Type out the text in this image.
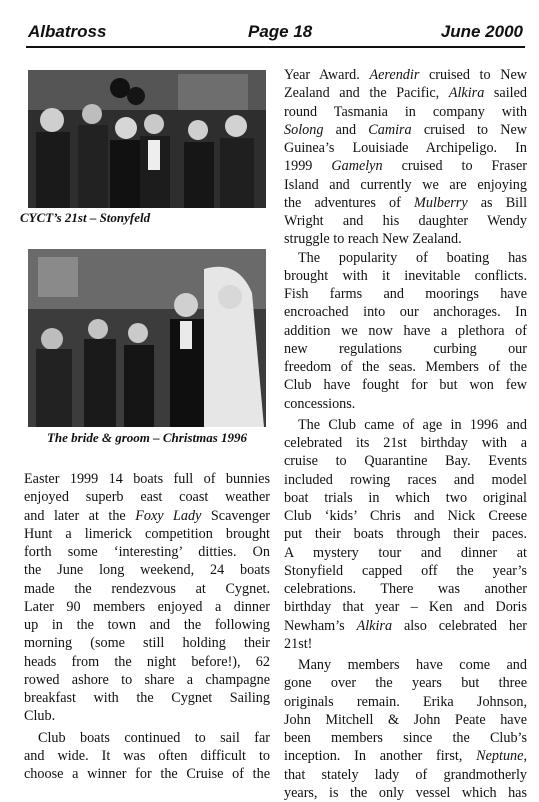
Albatross	Page 18	June 2000
CYCT’s 21st – Stonyfeld
The bride & groom – Christmas 1996
Easter 1999 14 boats full of bunnies
enjoyed superb east coast weather
and later at the Foxy Lady Scavenger
Hunt a limerick competition brought
forth some ‘interesting’ ditties. On
the June long weekend, 24 boats
made the rendezvous at Cygnet.
Later 90 members enjoyed a dinner
up in the town and the following
morning (some still holding their
heads from the night before!), 62
rowed ashore to share a champagne
breakfast with the Cygnet Sailing
Club.
Club boats continued to sail far
and wide. It was often difficult to
choose a winner for the Cruise of the
Year Award. Aerendir cruised to New
Zealand and the Pacific, Alkira sailed
round Tasmania in company with
Solong and Camira cruised to New
Guinea’s Louisiade Archipeligo. In
1999 Gamelyn cruised to Fraser
Island and currently we are enjoying
the adventures of Mulberry as Bill
Wright and his daughter Wendy
struggle to reach New Zealand.
The popularity of boating has
brought with it inevitable conflicts.
Fish farms and moorings have
encroached into our anchorages. In
addition we now have a plethora of
new regulations curbing our
freedom of the seas. Members of the
Club have fought for but won few
concessions.
The Club came of age in 1996 and
celebrated its 21st birthday with a
cruise to Quarantine Bay. Events
included rowing races and model
boat trials in which two original
Club ‘kids’ Chris and Nick Creese
put their boats through their paces.
A mystery tour and dinner at
Stonyfield capped off the year’s
celebrations. There was another
birthday that year – Ken and Doris
Newham’s Alkira also celebrated her
21st!
Many members have come and
gone over the years but three
originals remain. Erika Johnson,
John Mitchell & John Peate have
been members since the Club’s
inception. In another first, Neptune,
that stately lady of grandmotherly
years, is the only vessel which has
